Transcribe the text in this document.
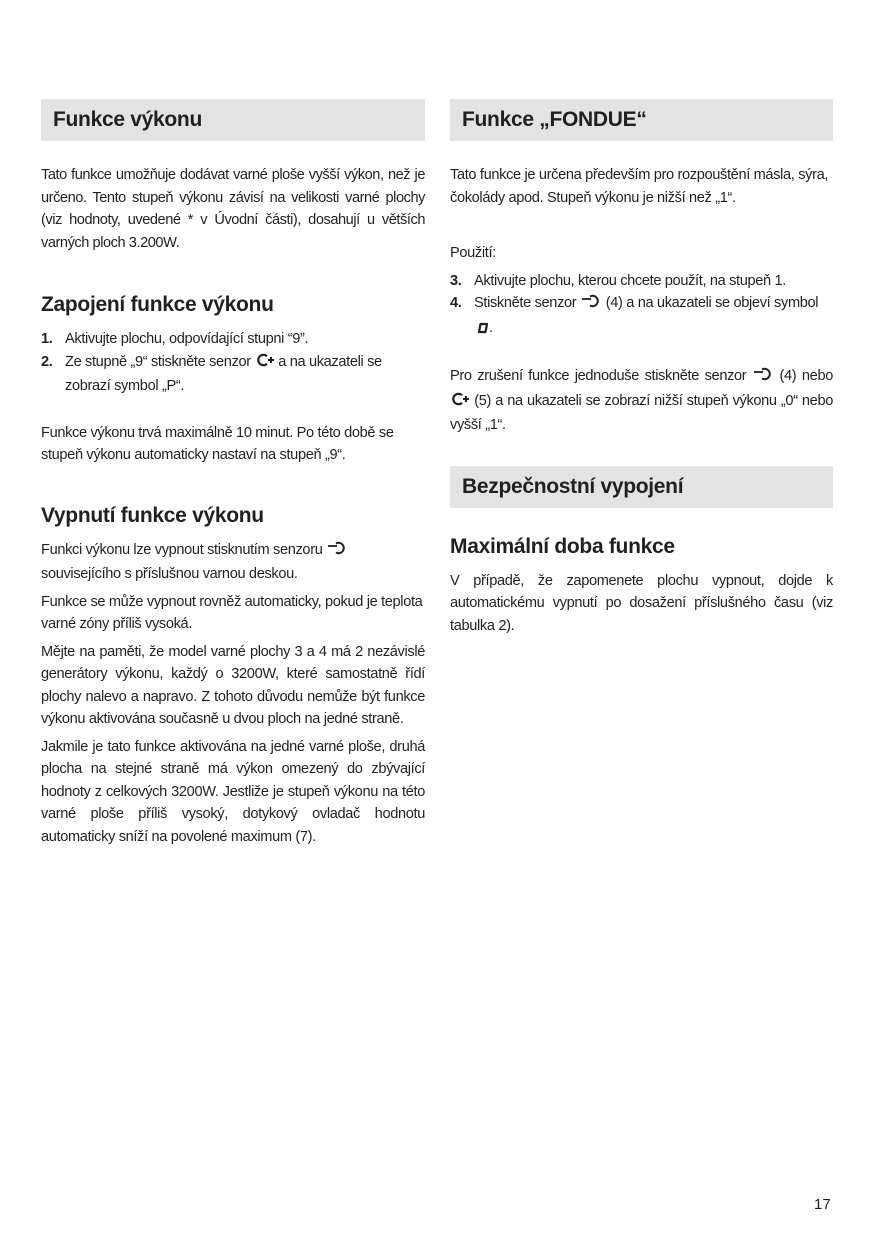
Funkce výkonu

Tato funkce umožňuje dodávat varné ploše vyšší výkon, než je určeno. Tento stupeň výkonu závisí na velikosti varné plochy (viz hodnoty, uvedené * v Úvodní části), dosahují u větších varných ploch 3.200W.

Zapojení funkce výkonu
1. Aktivujte plochu, odpovídající stupni “9”.
2. Ze stupně „9“ stiskněte senzor a na ukazateli se zobrazí symbol „P“.

Funkce výkonu trvá maximálně 10 minut. Po této době se stupeň výkonu automaticky nastaví na stupeň „9“.

Vypnutí funkce výkonu

Funkci výkonu lze vypnout stisknutím senzoru  souvisejícího s příslušnou varnou deskou.

Funkce se může vypnout rovněž automaticky, pokud je teplota varné zóny příliš vysoká.

Mějte na paměti, že model varné plochy 3 a 4 má 2 nezávislé generátory výkonu, každý o 3200W, které samostatně řídí plochy nalevo a napravo. Z tohoto důvodu nemůže být funkce výkonu aktivována současně u dvou ploch na jedné straně.

Jakmile je tato funkce aktivována na jedné varné ploše, druhá plocha na stejné straně má výkon omezený do zbývající hodnoty z celkových 3200W. Jestliže je stupeň výkonu na této varné ploše příliš vysoký, dotykový ovladač hodnotu automaticky sníží na povolené maximum (7).

Funkce „FONDUE“

Tato funkce je určena především pro rozpouštění másla, sýra, čokolády apod. Stupeň výkonu je nižší než „1“.

Použití:

3. Aktivujte plochu, kterou chcete použít, na stupeň 1.
4. Stiskněte senzor (4) a na ukazateli se objeví symbol.

Pro zrušení funkce jednoduše stiskněte senzor (4) nebo  (5) a na ukazateli se zobrazí nižší stupeň výkonu „0“ nebo vyšší „1“.

Bezpečnostní vypojení
Maximální doba funkce

V případě, že zapomenete plochu vypnout, dojde k automatickému vypnutí po dosažení příslušného času (viz tabulka 2).

17
